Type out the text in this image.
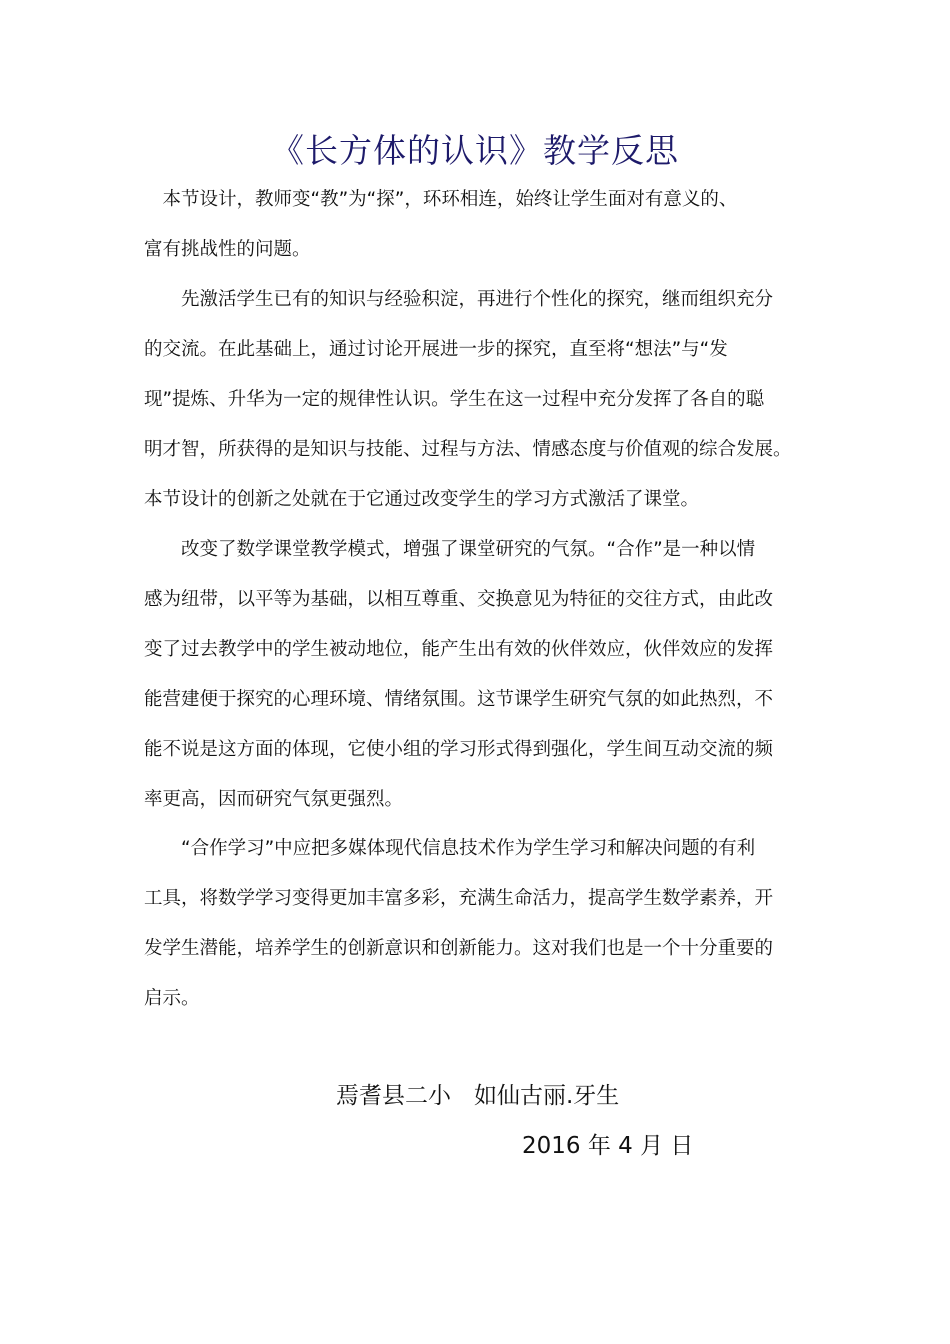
《长方体的认识》教学反思
　本节设计，教师变“教”为“探”，环环相连，始终让学生面对有意义的、
富有挑战性的问题。
　　先激活学生已有的知识与经验积淀，再进行个性化的探究，继而组织充分
的交流。在此基础上，通过讨论开展进一步的探究，直至将“想法”与“发
现”提炼、升华为一定的规律性认识。学生在这一过程中充分发挥了各自的聪
明才智，所获得的是知识与技能、过程与方法、情感态度与价值观的综合发展。
本节设计的创新之处就在于它通过改变学生的学习方式激活了课堂。
　　改变了数学课堂教学模式，增强了课堂研究的气氛。“合作”是一种以情
感为纽带，以平等为基础，以相互尊重、交换意见为特征的交往方式，由此改
变了过去教学中的学生被动地位，能产生出有效的伙伴效应，伙伴效应的发挥
能营建便于探究的心理环境、情绪氛围。这节课学生研究气氛的如此热烈，不
能不说是这方面的体现，它使小组的学习形式得到强化，学生间互动交流的频
率更高，因而研究气氛更强烈。
　　“合作学习”中应把多媒体现代信息技术作为学生学习和解决问题的有利
工具，将数学学习变得更加丰富多彩，充满生命活力，提高学生数学素养，开
发学生潜能，培养学生的创新意识和创新能力。这对我们也是一个十分重要的
启示。
焉耆县二小　如仙古丽.牙生
2016 年 4 月 日
